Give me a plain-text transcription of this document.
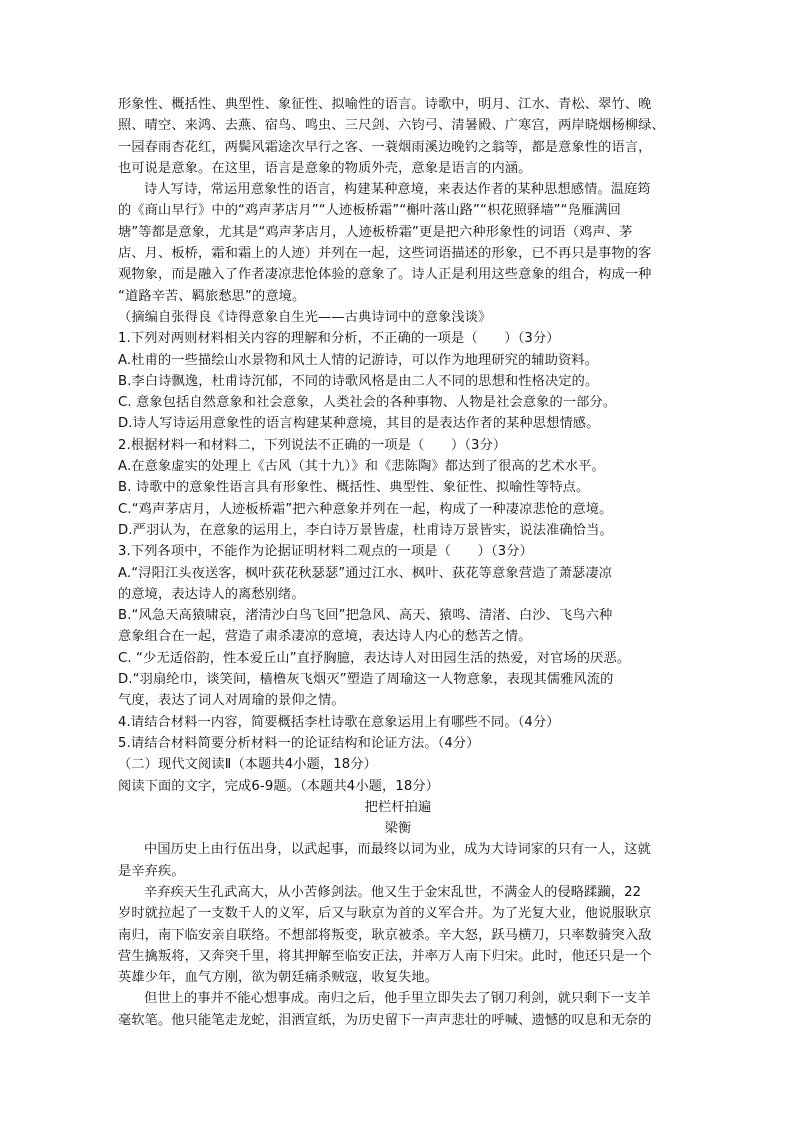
形象性、概括性、典型性、象征性、拟喻性的语言。诗歌中，明月、江水、青松、翠竹、晚
照、晴空、来鸿、去燕、宿鸟、鸣虫、三尺剑、六钧弓、清暑殿、广寒宫，两岸晓烟杨柳绿、
一园春雨杏花红，两鬓风霜途次早行之客、一蓑烟雨溪边晚钓之翁等，都是意象性的语言，
也可说是意象。在这里，语言是意象的物质外壳，意象是语言的内涵。
诗人写诗，常运用意象性的语言，构建某种意境，来表达作者的某种思想感情。温庭筠
的《商山早行》中的“鸡声茅店月”“人迹板桥霜”“槲叶落山路”“枳花照驿墙”“凫雁满回
塘”等都是意象，尤其是“鸡声茅店月，人迹板桥霜”更是把六种形象性的词语（鸡声、茅
店、月、板桥，霜和霜上的人迹）并列在一起，这些词语描述的形象，已不再只是事物的客
观物象，而是融入了作者凄凉悲怆体验的意象了。诗人正是利用这些意象的组合，构成一种
“道路辛苦、羁旅愁思”的意境。
（摘编自张得良《诗得意象自生光——古典诗词中的意象浅谈》
1.下列对两则材料相关内容的理解和分析，不正确的一项是（　　）（3分）
A.杜甫的一些描绘山水景物和风土人情的记游诗，可以作为地理研究的辅助资料。
B.李白诗飘逸，杜甫诗沉郁，不同的诗歌风格是由二人不同的思想和性格决定的。
C. 意象包括自然意象和社会意象，人类社会的各种事物、人物是社会意象的一部分。
D.诗人写诗运用意象性的语言构建某种意境，其目的是表达作者的某种思想情感。
2.根据材料一和材料二，下列说法不正确的一项是（　　）（3分）
A.在意象虚实的处理上《古风（其十九）》和《悲陈陶》都达到了很高的艺术水平。
B. 诗歌中的意象性语言具有形象性、概括性、典型性、象征性、拟喻性等特点。
C.“鸡声茅店月，人迹板桥霜”把六种意象并列在一起，构成了一种凄凉悲怆的意境。
D.严羽认为，在意象的运用上，李白诗万景皆虚，杜甫诗万景皆实，说法准确恰当。
3.下列各项中，不能作为论据证明材料二观点的一项是（　　）（3分）
A.“浔阳江头夜送客，枫叶荻花秋瑟瑟”通过江水、枫叶、荻花等意象营造了萧瑟凄凉
的意境，表达诗人的离愁别绪。
B.“风急天高猿啸哀，渚清沙白鸟飞回”把急风、高天、猿鸣、清渚、白沙、飞鸟六种
意象组合在一起，营造了肃杀凄凉的意境，表达诗人内心的愁苦之情。
C. “少无适俗韵，性本爱丘山”直抒胸臆，表达诗人对田园生活的热爱，对官场的厌恶。
D.“羽扇纶巾，谈笑间，樯橹灰飞烟灭”塑造了周瑜这一人物意象，表现其儒雅风流的
气度，表达了词人对周瑜的景仰之情。
4.请结合材料一内容，简要概括李杜诗歌在意象运用上有哪些不同。（4分）
5.请结合材料简要分析材料一的论证结构和论证方法。（4分）
（二）现代文阅读Ⅱ（本题共4小题，18分）
阅读下面的文字，完成6-9题。（本题共4小题，18分）
把栏杆拍遍
梁衡
中国历史上由行伍出身，以武起事，而最终以词为业，成为大诗词家的只有一人，这就
是辛弃疾。
辛弃疾天生孔武高大，从小苦修剑法。他又生于金宋乱世，不满金人的侵略蹂躏，22
岁时就拉起了一支数千人的义军，后又与耿京为首的义军合并。为了光复大业，他说服耿京
南归，南下临安亲自联络。不想部将叛变，耿京被杀。辛大怒，跃马横刀，只率数骑突入敌
营生擒叛将，又奔突千里，将其押解至临安正法，并率万人南下归宋。此时，他还只是一个
英雄少年，血气方刚，欲为朝廷痛杀贼寇，收复失地。
但世上的事并不能心想事成。南归之后，他手里立即失去了钢刀利剑，就只剩下一支羊
毫软笔。他只能笔走龙蛇，泪洒宣纸，为历史留下一声声悲壮的呼喊、遗憾的叹息和无奈的
